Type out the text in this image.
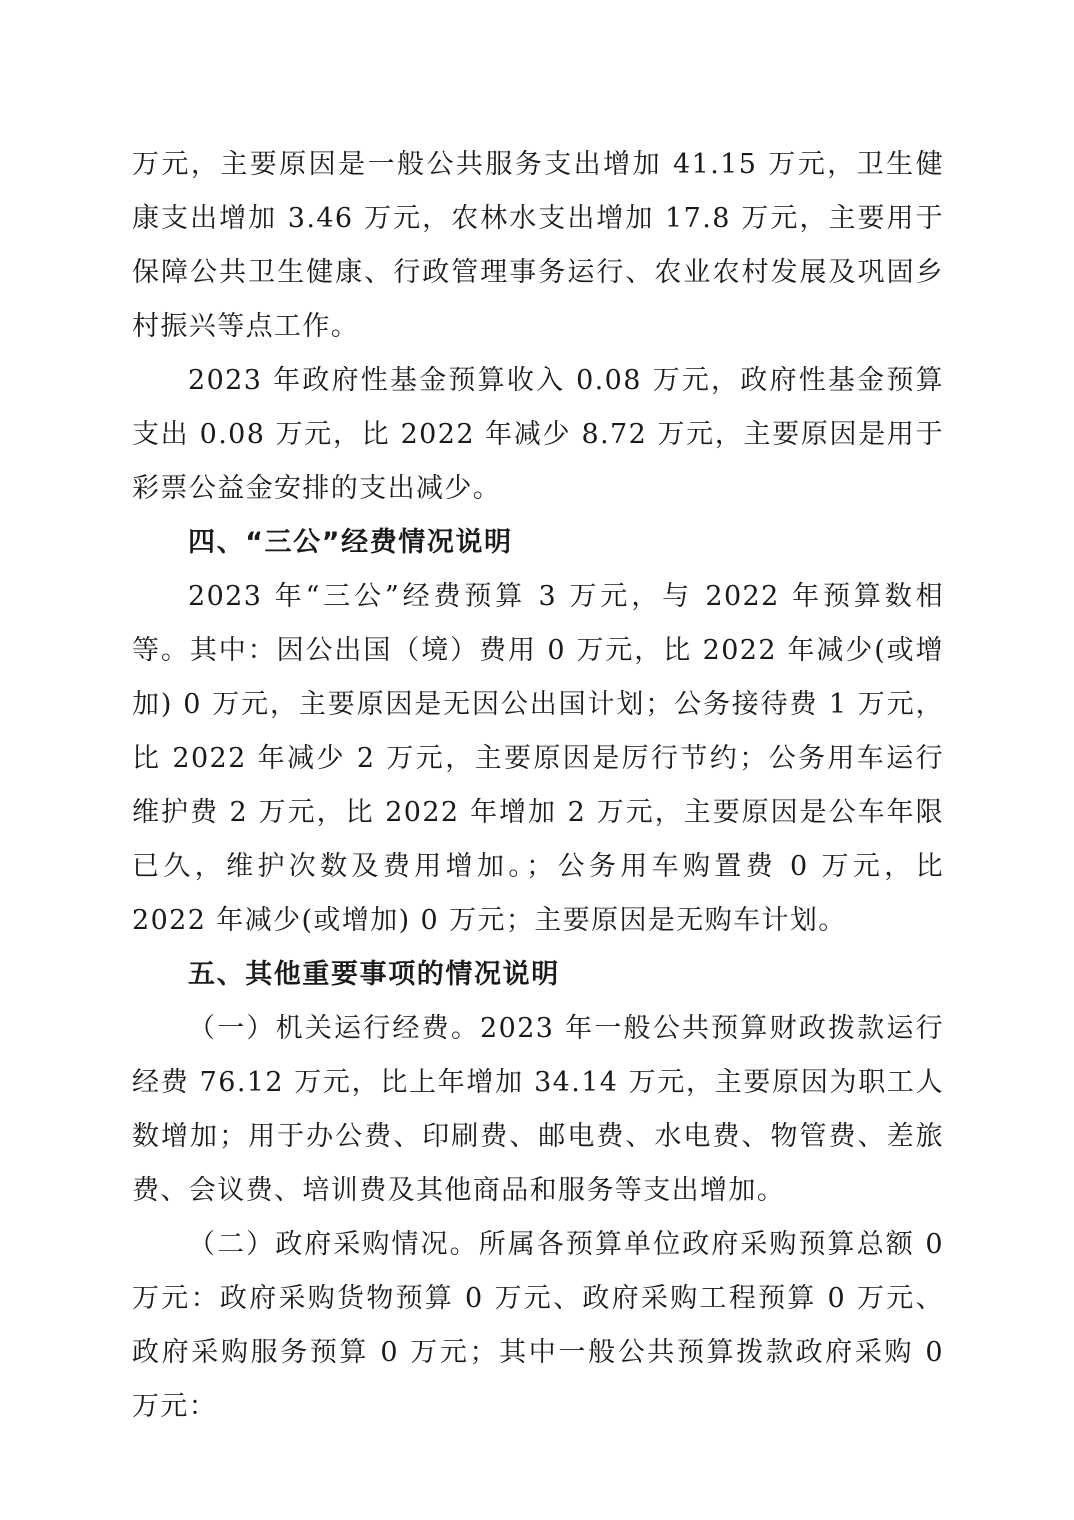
万元，主要原因是一般公共服务支出增加 41.15 万元，卫生健康支出增加 3.46 万元，农林水支出增加 17.8 万元，主要用于保障公共卫生健康、行政管理事务运行、农业农村发展及巩固乡村振兴等点工作。

2023 年政府性基金预算收入 0.08 万元，政府性基金预算支出 0.08 万元，比 2022 年减少 8.72 万元，主要原因是用于彩票公益金安排的支出减少。

四、“三公”经费情况说明

2023 年“三公”经费预算 3 万元，与 2022 年预算数相等。其中：因公出国（境）费用 0 万元，比 2022 年减少(或增加) 0 万元，主要原因是无因公出国计划；公务接待费 1 万元，比 2022 年减少 2 万元，主要原因是厉行节约；公务用车运行维护费 2 万元，比 2022 年增加 2 万元，主要原因是公车年限已久，维护次数及费用增加。；公务用车购置费 0 万元，比 2022 年减少(或增加) 0 万元；主要原因是无购车计划。

五、其他重要事项的情况说明

（一）机关运行经费。2023 年一般公共预算财政拨款运行经费 76.12 万元，比上年增加 34.14 万元，主要原因为职工人数增加；用于办公费、印刷费、邮电费、水电费、物管费、差旅费、会议费、培训费及其他商品和服务等支出增加。

（二）政府采购情况。所属各预算单位政府采购预算总额 0 万元：政府采购货物预算 0 万元、政府采购工程预算 0 万元、政府采购服务预算 0 万元；其中一般公共预算拨款政府采购 0 万元：
